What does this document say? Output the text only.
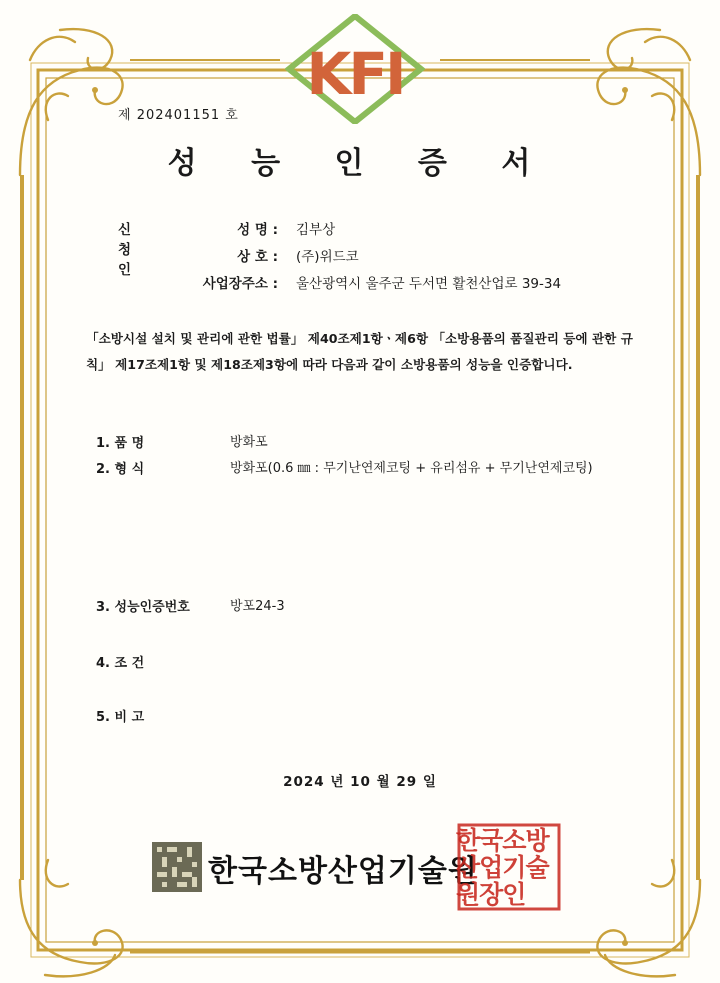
KFI
제 202401151 호
성 능 인 증 서
신청인
성 명 : 김부상
상 호 : (주)위드코
사업장주소 : 울산광역시 울주군 두서면 활천산업로 39-34
「소방시설 설치 및 관리에 관한 법률」 제40조제1항ㆍ제6항 「소방용품의 품질관리 등에 관한 규칙」 제17조제1항 및 제18조제3항에 따라 다음과 같이 소방용품의 성능을 인증합니다.
1. 품 명	방화포
2. 형 식	방화포(0.6 ㎜ : 무기난연제코팅 + 유리섬유 + 무기난연제코팅)
3. 성능인증번호	방포24-3
4. 조 건
5. 비 고
2024 년 10 월 29 일
한국소방산업기술원
한국소방산업기술원장인
